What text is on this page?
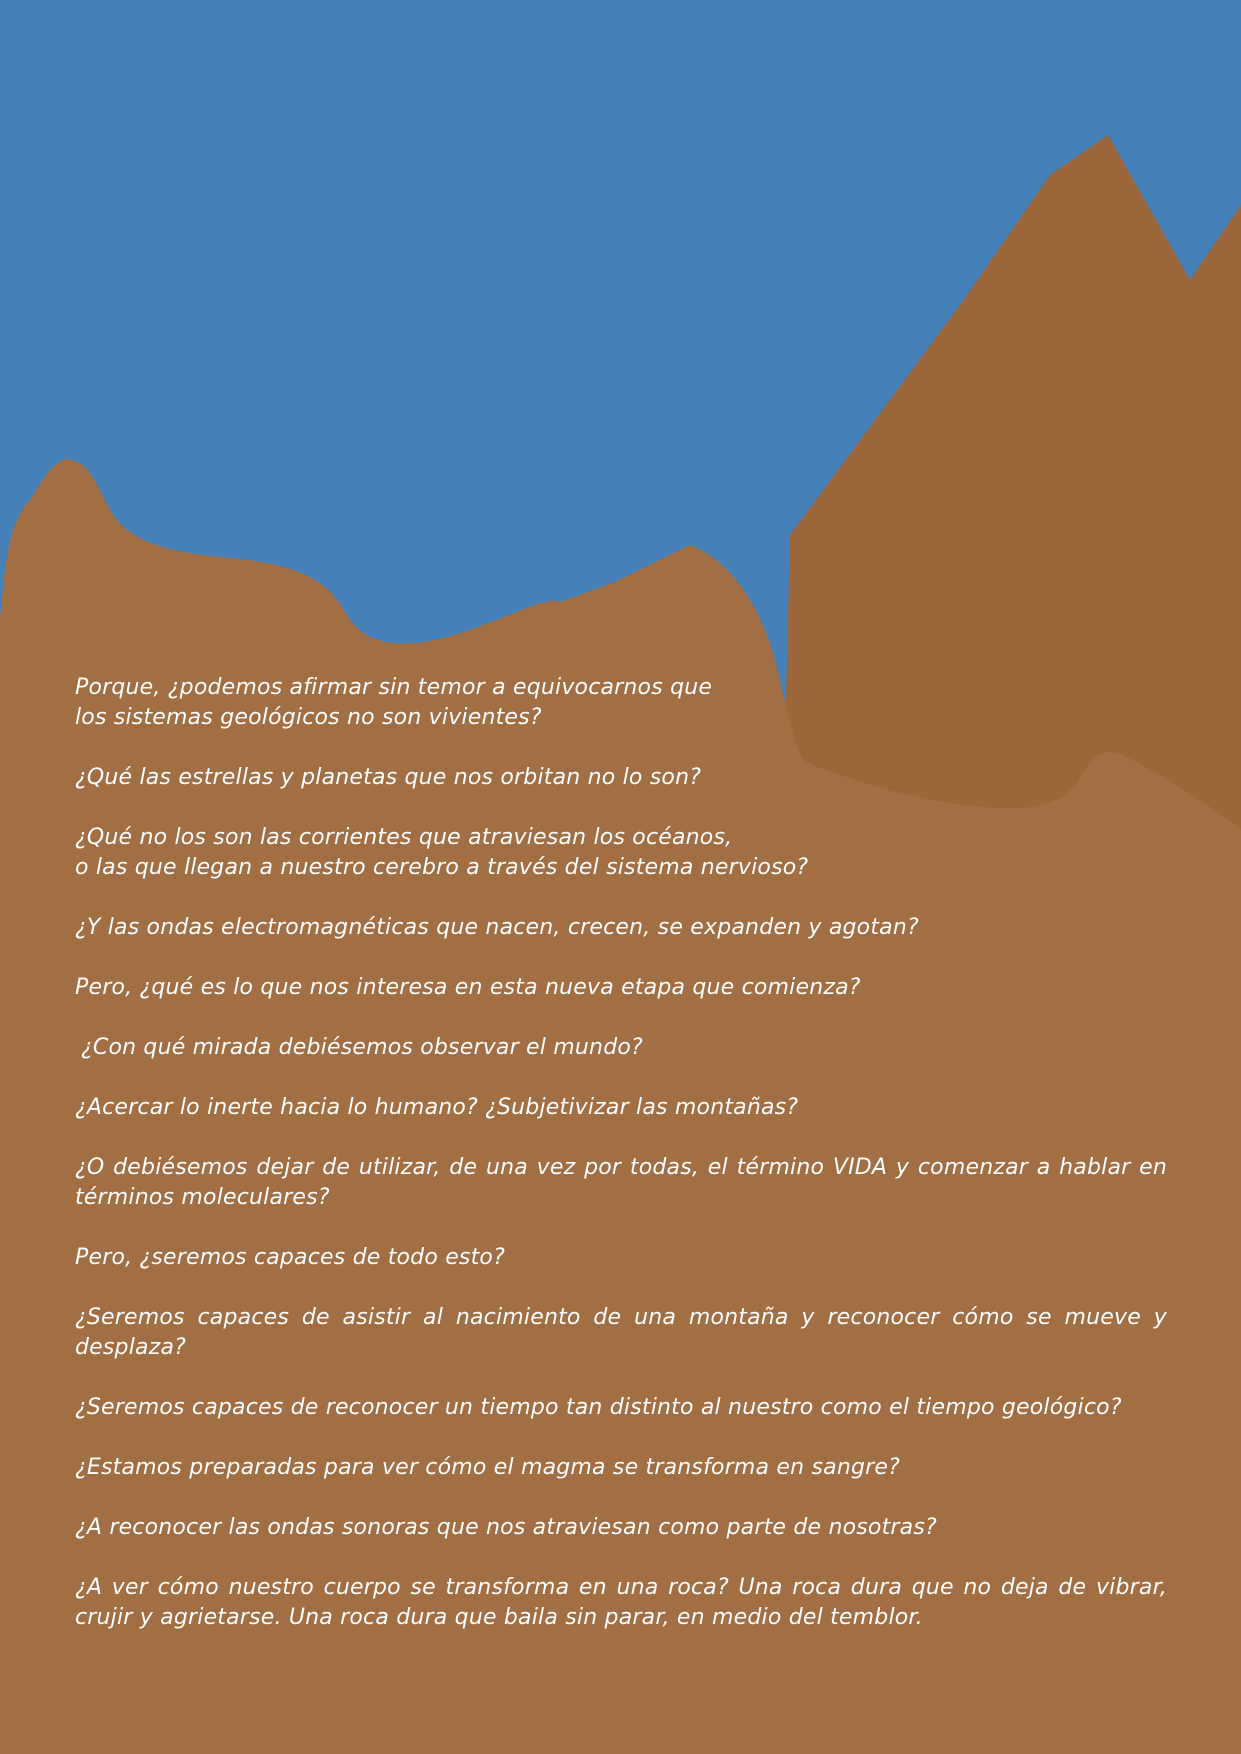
Porque, ¿podemos afirmar sin temor a equivocarnos que
los sistemas geológicos no son vivientes?

¿Qué las estrellas y planetas que nos orbitan no lo son?

¿Qué no los son las corrientes que atraviesan los océanos,
o las que llegan a nuestro cerebro a través del sistema nervioso?

¿Y las ondas electromagnéticas que nacen, crecen, se expanden y agotan?

Pero, ¿qué es lo que nos interesa en esta nueva etapa que comienza?

¿Con qué mirada debiésemos observar el mundo?

¿Acercar lo inerte hacia lo humano? ¿Subjetivizar las montañas?

¿O debiésemos dejar de utilizar, de una vez por todas, el término VIDA y comenzar a hablar en términos moleculares?

Pero, ¿seremos capaces de todo esto?

¿Seremos capaces de asistir al nacimiento de una montaña y reconocer cómo se mueve y desplaza?

¿Seremos capaces de reconocer un tiempo tan distinto al nuestro como el tiempo geológico?

¿Estamos preparadas para ver cómo el magma se transforma en sangre?

¿A reconocer las ondas sonoras que nos atraviesan como parte de nosotras?

¿A ver cómo nuestro cuerpo se transforma en una roca? Una roca dura que no deja de vibrar, crujir y agrietarse. Una roca dura que baila sin parar, en medio del temblor.
